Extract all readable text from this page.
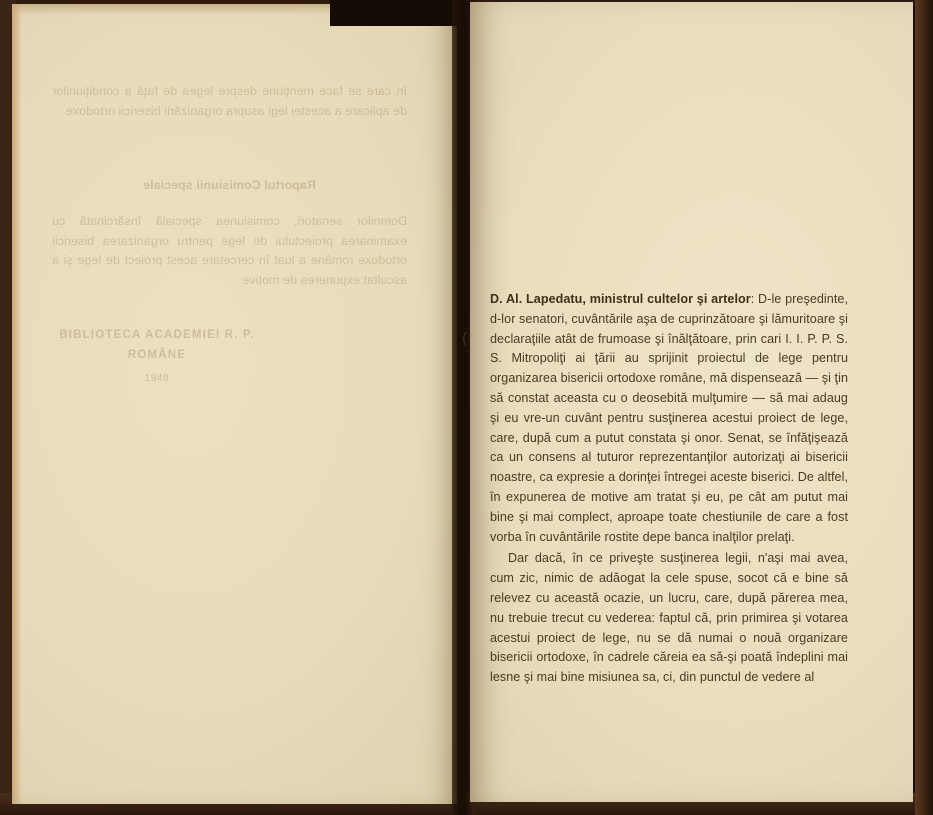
în care se face menţiune despre legea de faţă a condiţiunilor de aplicare a acestei legi asupra organizării bisericii ortodoxe
Raportul Comisiunii speciale
Domnilor senatori, comisiunea specială însărcinată cu examinarea proiectului de lege pentru organizarea bisericii ortodoxe române a luat în cercetare acest proiect de lege şi a ascultat expunerea de motive
BIBLIOTECA ACADEMIEI R. P. ROMÂNE
1948
(

D. Al. Lapedatu, ministrul cultelor şi artelor: D-le preşedinte, d-lor senatori, cuvântările aşa de cuprinzătoare şi lămuritoare şi declaraţiile atât de frumoase şi înălţătoare, prin cari I. I. P. P. S. S. Mitropoliţi ai ţării au sprijinit proiectul de lege pentru organizarea bisericii ortodoxe române, mă dispensează — şi ţin să constat aceasta cu o deosebită mulţumire — să mai adaug şi eu vre-un cuvânt pentru susţinerea acestui proiect de lege, care, după cum a putut constata şi onor. Senat, se înfăţişează ca un consens al tuturor reprezentanţilor autorizaţi ai bisericii noastre, ca expresie a dorinţei întregei aceste biserici. De altfel, în expunerea de motive am tratat şi eu, pe cât am putut mai bine şi mai complect, aproape toate chestiunile de care a fost vorba în cuvântările rostite depe banca inalţilor prelaţi.

Dar dacă, în ce priveşte susţinerea legii, n'aşi mai avea, cum zic, nimic de adăogat la cele spuse, socot că e bine să relevez cu această ocazie, un lucru, care, după părerea mea, nu trebuie trecut cu vederea: faptul că, prin primirea şi votarea acestui proiect de lege, nu se dă numai o nouă organizare bisericii ortodoxe, în cadrele căreia ea să-şi poată îndeplini mai lesne şi mai bine misiunea sa, ci, din punctul de vedere al
